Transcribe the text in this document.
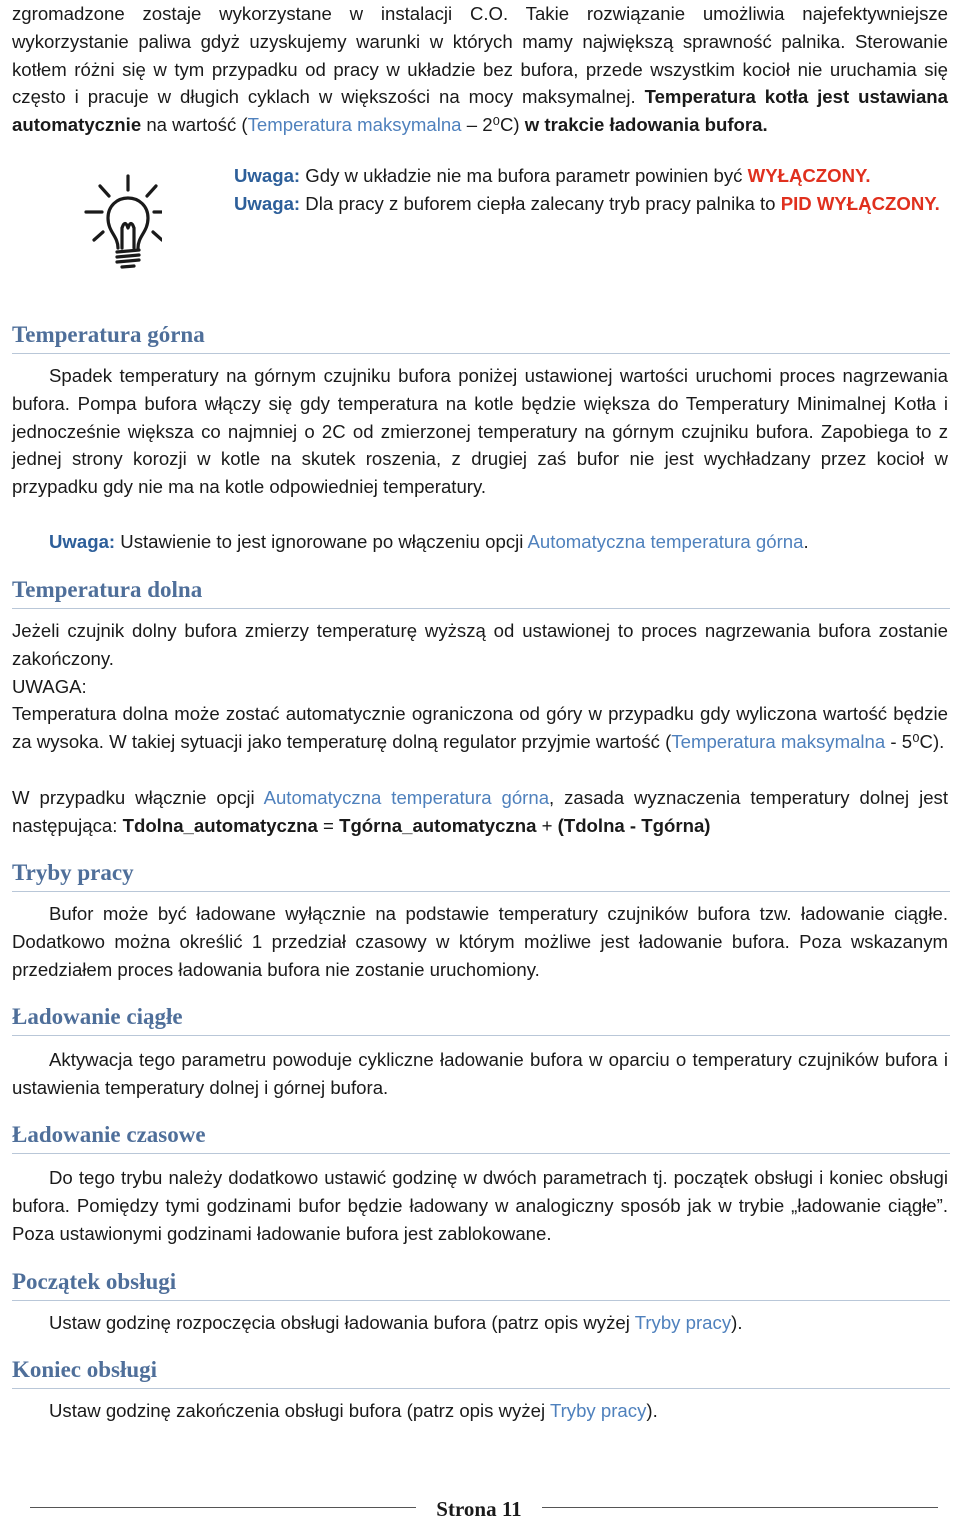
zgromadzone zostaje wykorzystane w instalacji C.O. Takie rozwiązanie umożliwia najefektywniejsze wykorzystanie paliwa gdyż uzyskujemy warunki w których mamy największą sprawność palnika. Sterowanie kotłem różni się w tym przypadku od pracy w układzie bez bufora, przede wszystkim kocioł nie uruchamia się często i pracuje w długich cyklach w większości na mocy maksymalnej. Temperatura kotła jest ustawiana automatycznie na wartość (Temperatura maksymalna – 2⁰C) w trakcie ładowania bufora.

Uwaga: Gdy w układzie nie ma bufora parametr powinien być WYŁĄCZONY.
Uwaga: Dla pracy z buforem ciepła zalecany tryb pracy palnika to PID WYŁĄCZONY.
Temperatura górna

Spadek temperatury na górnym czujniku bufora poniżej ustawionej wartości uruchomi proces nagrzewania bufora. Pompa bufora włączy się gdy temperatura na kotle będzie większa do Temperatury Minimalnej Kotła i jednocześnie większa co najmniej o 2C od zmierzonej temperatury na górnym czujniku bufora. Zapobiega to z jednej strony korozji w kotle na skutek roszenia, z drugiej zaś bufor nie jest wychładzany przez kocioł w przypadku gdy nie ma na kotle odpowiedniej temperatury.

Uwaga: Ustawienie to jest ignorowane po włączeniu opcji Automatyczna temperatura górna.

Temperatura dolna

Jeżeli czujnik dolny bufora zmierzy temperaturę wyższą od ustawionej to proces nagrzewania bufora zostanie zakończony.

UWAGA:

Temperatura dolna może zostać automatycznie ograniczona od góry w przypadku gdy wyliczona wartość będzie za wysoka. W takiej sytuacji jako temperaturę dolną regulator przyjmie wartość (Temperatura maksymalna - 5⁰C).

W przypadku włącznie opcji Automatyczna temperatura górna, zasada wyznaczenia temperatury dolnej jest następująca: Tdolna_automatyczna = Tgórna_automatyczna + (Tdolna - Tgórna)

Tryby pracy

Bufor może być ładowane wyłącznie na podstawie temperatury czujników bufora tzw. ładowanie ciągłe. Dodatkowo można określić 1 przedział czasowy w którym możliwe jest ładowanie bufora. Poza wskazanym przedziałem proces ładowania bufora nie zostanie uruchomiony.

Ładowanie ciągłe

Aktywacja tego parametru powoduje cykliczne ładowanie bufora w oparciu o temperatury czujników bufora i ustawienia temperatury dolnej i górnej bufora.

Ładowanie czasowe

Do tego trybu należy dodatkowo ustawić godzinę w dwóch parametrach tj. początek obsługi i koniec obsługi bufora. Pomiędzy tymi godzinami bufor będzie ładowany w analogiczny sposób jak w trybie „ładowanie ciągłe”. Poza ustawionymi godzinami ładowanie bufora jest zablokowane.

Początek obsługi

Ustaw godzinę rozpoczęcia obsługi ładowania bufora (patrz opis wyżej Tryby pracy).

Koniec obsługi

Ustaw godzinę zakończenia obsługi bufora (patrz opis wyżej Tryby pracy).

Strona 11
